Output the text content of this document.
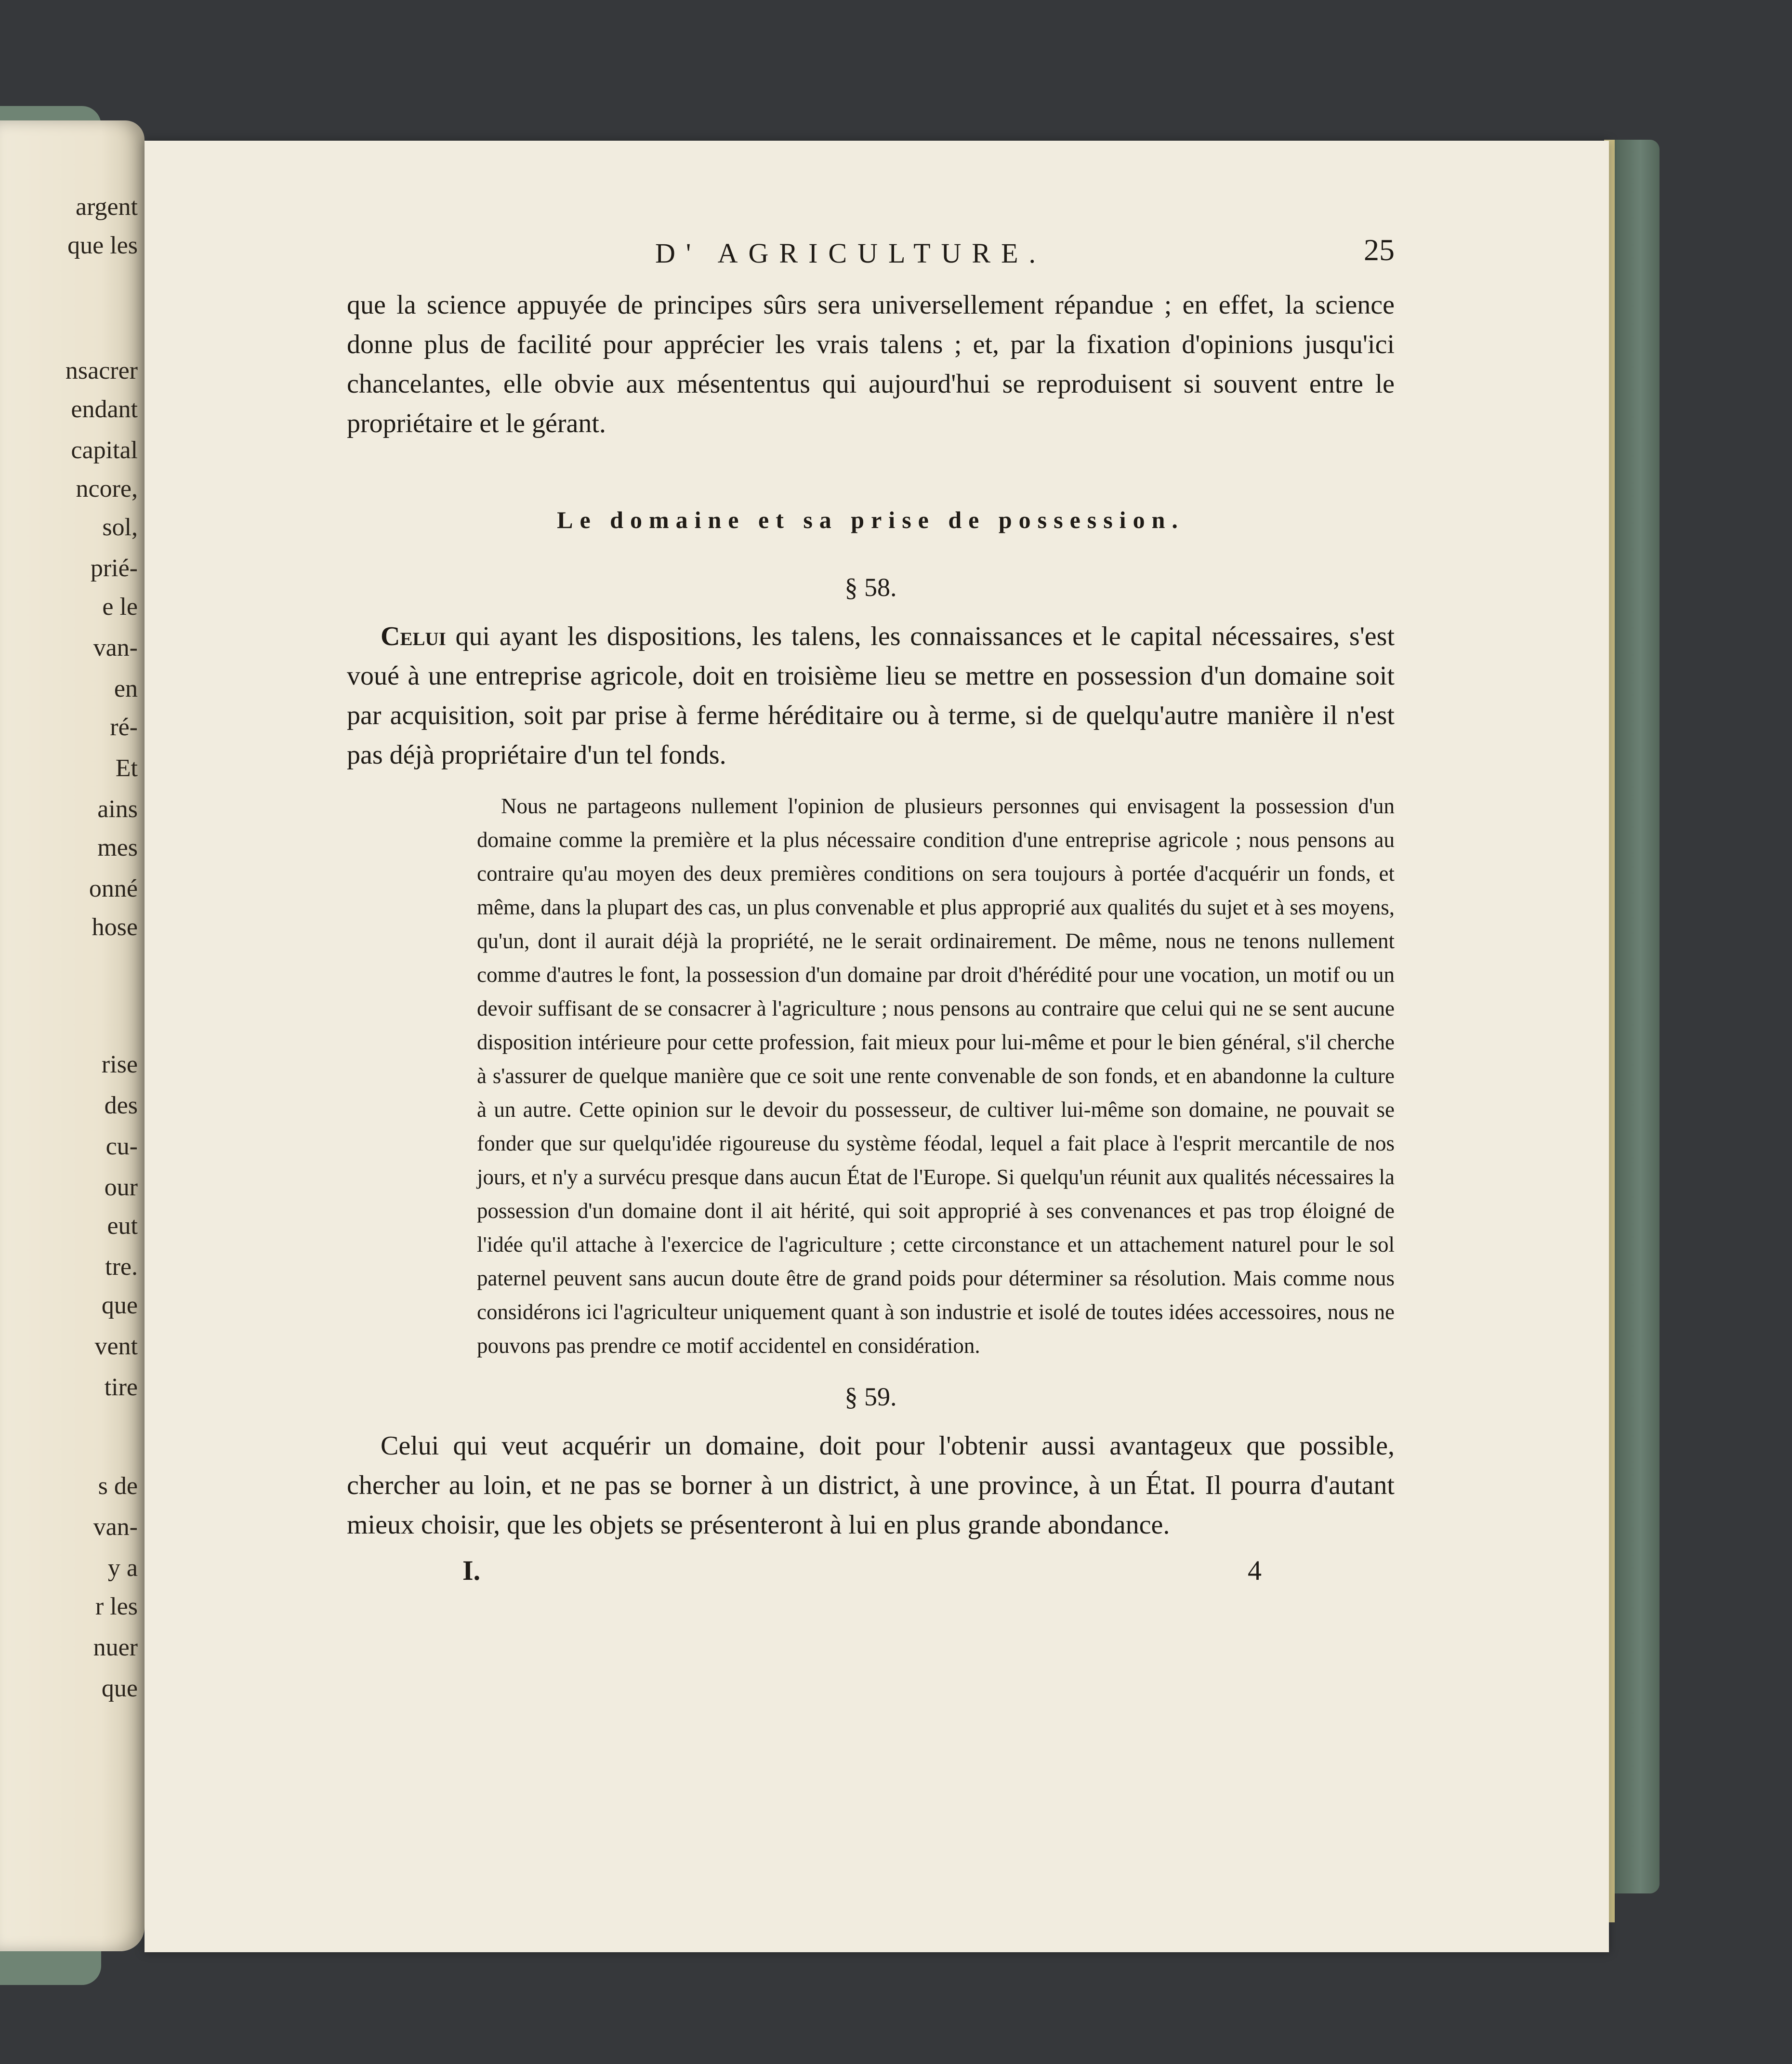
argent
que les
nsacrer
endant
capital
ncore,
sol,
prié-
e le
van-
en
ré-
Et
ains
mes
onné
hose
rise
des
cu-
our
eut
tre.
que
vent
tire
s de
van-
y a
r les
nuer
que
D' AGRICULTURE.	25

que la science appuyée de principes sûrs sera universellement répandue ; en effet, la science donne plus de facilité pour apprécier les vrais talens ; et, par la fixation d'opinions jusqu'ici chancelantes, elle obvie aux mésententus qui aujourd'hui se reproduisent si souvent entre le propriétaire et le gérant.

Le domaine et sa prise de possession.
§ 58.

Celui qui ayant les dispositions, les talens, les connaissances et le capital nécessaires, s'est voué à une entreprise agricole, doit en troisième lieu se mettre en possession d'un domaine soit par acquisition, soit par prise à ferme héréditaire ou à terme, si de quelqu'autre manière il n'est pas déjà propriétaire d'un tel fonds.

Nous ne partageons nullement l'opinion de plusieurs personnes qui envisagent la possession d'un domaine comme la première et la plus nécessaire condition d'une entreprise agricole ; nous pensons au contraire qu'au moyen des deux premières conditions on sera toujours à portée d'acquérir un fonds, et même, dans la plupart des cas, un plus convenable et plus approprié aux qualités du sujet et à ses moyens, qu'un, dont il aurait déjà la propriété, ne le serait ordinairement. De même, nous ne tenons nullement comme d'autres le font, la possession d'un domaine par droit d'hérédité pour une vocation, un motif ou un devoir suffisant de se consacrer à l'agriculture ; nous pensons au contraire que celui qui ne se sent aucune disposition intérieure pour cette profession, fait mieux pour lui-même et pour le bien général, s'il cherche à s'assurer de quelque manière que ce soit une rente convenable de son fonds, et en abandonne la culture à un autre. Cette opinion sur le devoir du possesseur, de cultiver lui-même son domaine, ne pouvait se fonder que sur quelqu'idée rigoureuse du système féodal, lequel a fait place à l'esprit mercantile de nos jours, et n'y a survécu presque dans aucun État de l'Europe. Si quelqu'un réunit aux qualités nécessaires la possession d'un domaine dont il ait hérité, qui soit approprié à ses convenances et pas trop éloigné de l'idée qu'il attache à l'exercice de l'agriculture ; cette circonstance et un attachement naturel pour le sol paternel peuvent sans aucun doute être de grand poids pour déterminer sa résolution. Mais comme nous considérons ici l'agriculteur uniquement quant à son industrie et isolé de toutes idées accessoires, nous ne pouvons pas prendre ce motif accidentel en considération.
§ 59.

Celui qui veut acquérir un domaine, doit pour l'obtenir aussi avantageux que possible, chercher au loin, et ne pas se borner à un district, à une province, à un État. Il pourra d'autant mieux choisir, que les objets se présenteront à lui en plus grande abondance.

I.	4
